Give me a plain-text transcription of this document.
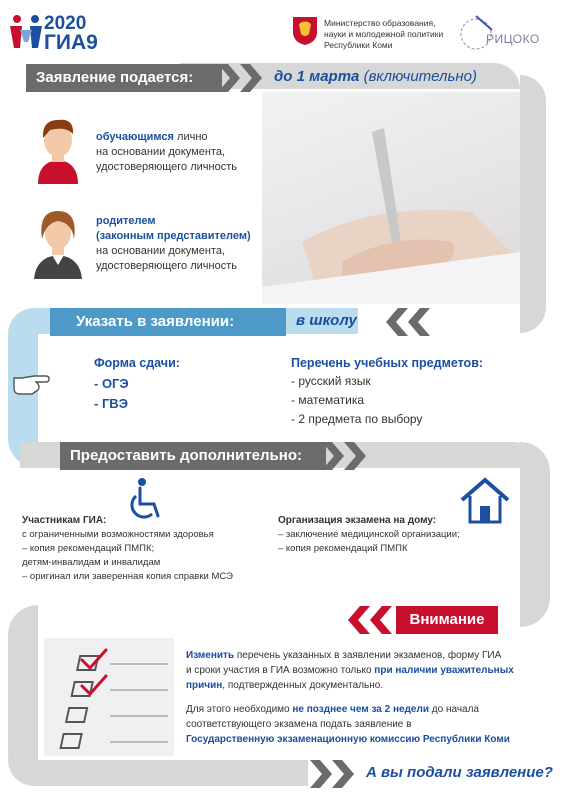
2020
ГИА9
Министерство образования,
науки и молодежной политики
Республики Коми	РИЦОКО
Заявление подается:	до 1 марта (включительно)
обучающимся лично
на основании документа,
удостоверяющего личность
родителем
(законным представителем)
на основании документа,
удостоверяющего личность
Указать в заявлении:	в школу
Форма сдачи:
- ОГЭ
- ГВЭ
Перечень учебных предметов:
- русский язык
- математика
- 2 предмета по выбору
Предоставить дополнительно:
Участникам ГИА:
с ограниченными возможностями здоровья
– копия рекомендаций ПМПК;
детям-инвалидам и инвалидам
– оригинал или заверенная копия справки МСЭ
Организация экзамена на дому:
– заключение медицинской организации;
– копия рекомендаций ПМПК
Внимание
Изменить перечень указанных в заявлении экзаменов, форму ГИА
и сроки участия в ГИА возможно только при наличии уважительных
причин, подтвержденных документально.
Для этого необходимо не позднее чем за 2 недели до начала
соответствующего экзамена подать заявление в
Государственную экзаменационную комиссию Республики Коми
А вы подали заявление?
